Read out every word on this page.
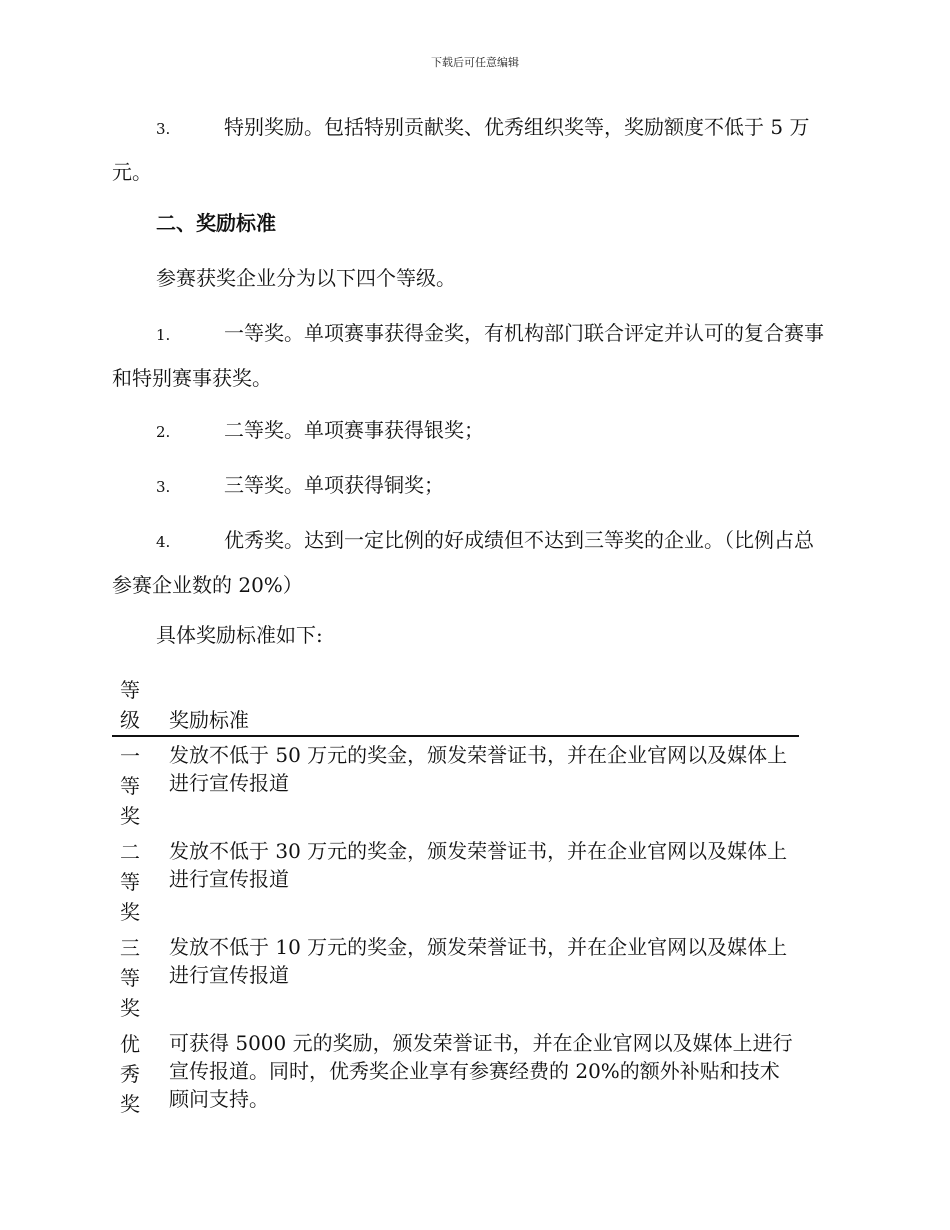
下载后可任意编辑

3.	特别奖励。包括特别贡献奖、优秀组织奖等，奖励额度不低于 5 万元。

二、奖励标准

参赛获奖企业分为以下四个等级。

1.	一等奖。单项赛事获得金奖，有机构部门联合评定并认可的复合赛事和特别赛事获奖。

2.	二等奖。单项赛事获得银奖；

3.	三等奖。单项获得铜奖；

4.	优秀奖。达到一定比例的好成绩但不达到三等奖的企业。（比例占总参赛企业数的 20%）

具体奖励标准如下:

等级	奖励标准

一等奖	发放不低于 50 万元的奖金，颁发荣誉证书，并在企业官网以及媒体上进行宣传报道

二等奖	发放不低于 30 万元的奖金，颁发荣誉证书，并在企业官网以及媒体上进行宣传报道

三等奖	发放不低于 10 万元的奖金，颁发荣誉证书，并在企业官网以及媒体上进行宣传报道

优秀奖	可获得 5000 元的奖励，颁发荣誉证书，并在企业官网以及媒体上进行宣传报道。同时，优秀奖企业享有参赛经费的 20%的额外补贴和技术顾问支持。
